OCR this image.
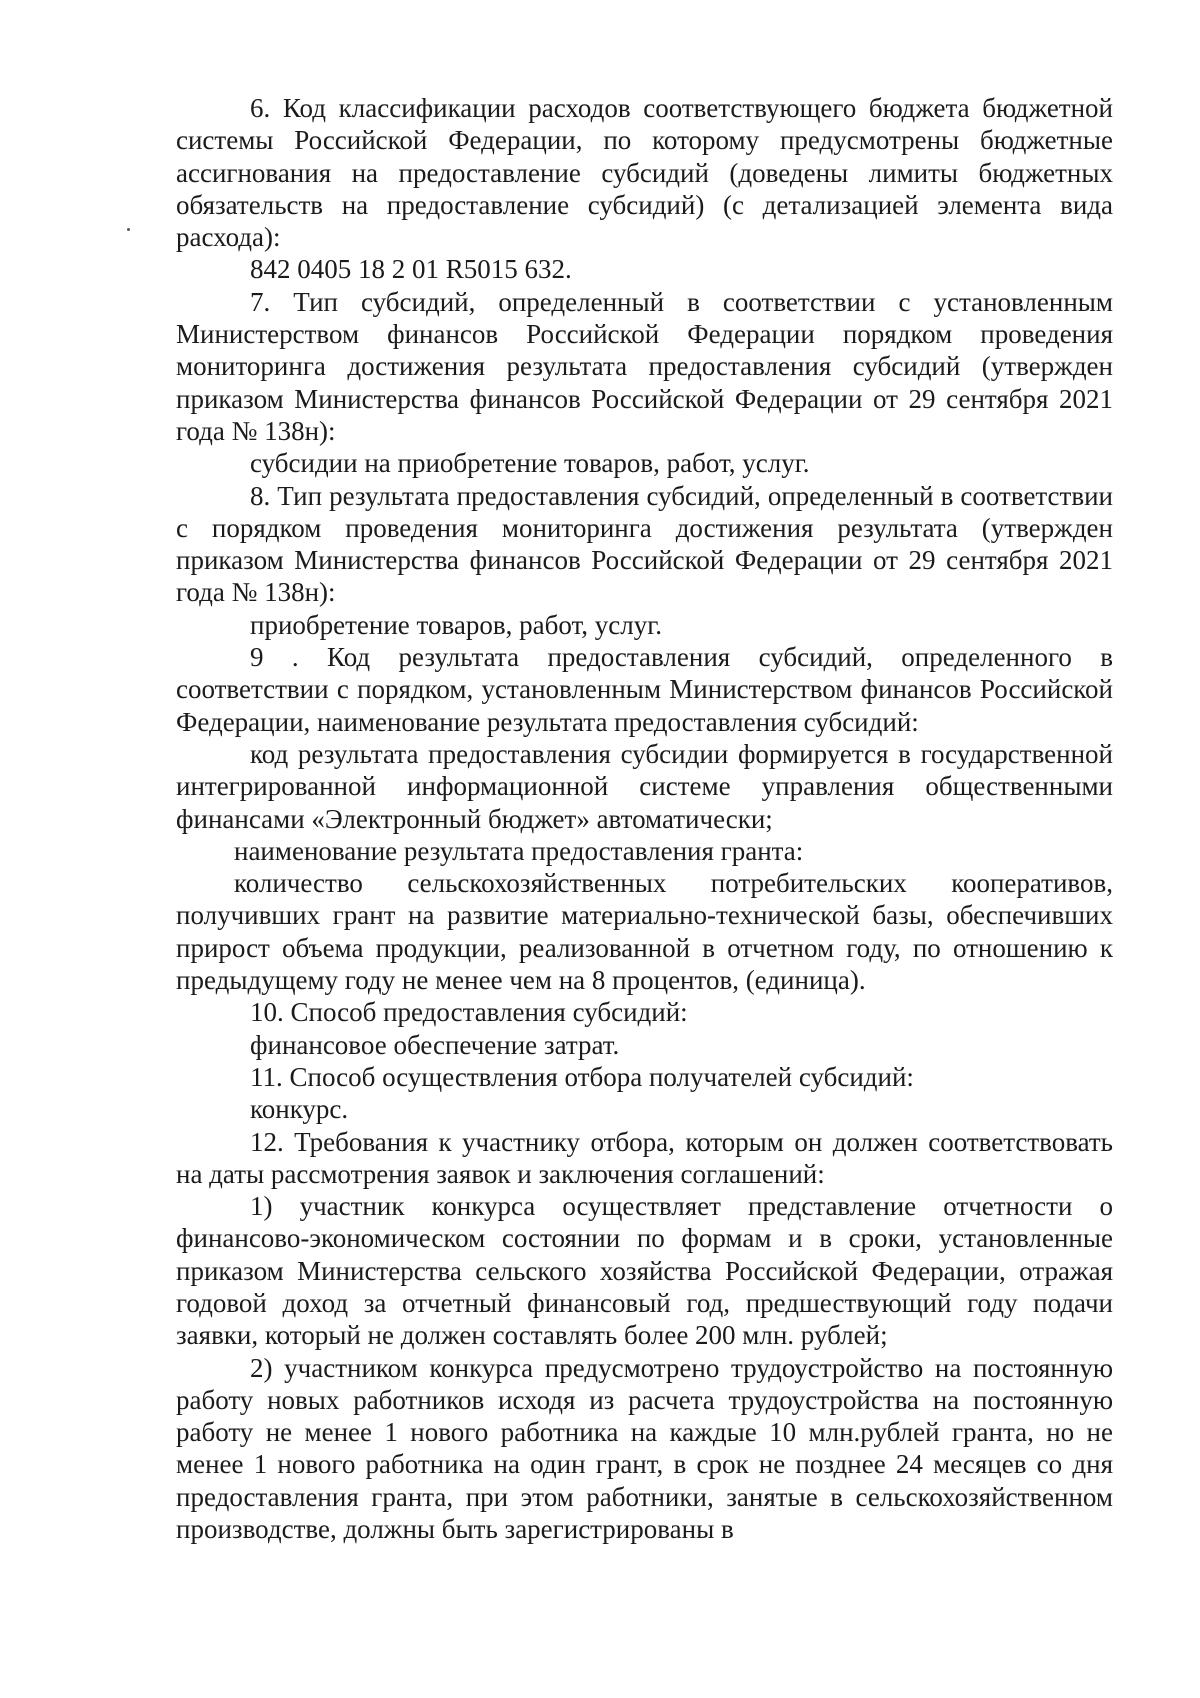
6. Код классификации расходов соответствующего бюджета бюджетной системы Российской Федерации, по которому предусмотрены бюджетные ассигнования на предоставление субсидий (доведены лимиты бюджетных обязательств на предоставление субсидий) (с детализацией элемента вида расхода):

842 0405 18 2 01 R5015 632.

7. Тип субсидий, определенный в соответствии с установленным Министерством финансов Российской Федерации порядком проведения мониторинга достижения результата предоставления субсидий (утвержден приказом Министерства финансов Российской Федерации от 29 сентября 2021 года № 138н):

субсидии на приобретение товаров, работ, услуг.

8. Тип результата предоставления субсидий, определенный в соответствии с порядком проведения мониторинга достижения результата (утвержден приказом Министерства финансов Российской Федерации от 29 сентября 2021 года № 138н):

приобретение товаров, работ, услуг.

9 . Код результата предоставления субсидий, определенного в соответствии с порядком, установленным Министерством финансов Российской Федерации, наименование результата предоставления субсидий:

код результата предоставления субсидии формируется в государственной интегрированной информационной системе управления общественными финансами «Электронный бюджет» автоматически;

наименование результата предоставления гранта:

количество сельскохозяйственных потребительских кооперативов, получивших грант на развитие материально-технической базы, обеспечивших прирост объема продукции, реализованной в отчетном году, по отношению к предыдущему году не менее чем на 8 процентов, (единица).

10. Способ предоставления субсидий:

финансовое обеспечение затрат.

11. Способ осуществления отбора получателей субсидий:

конкурс.

12. Требования к участнику отбора, которым он должен соответствовать на даты рассмотрения заявок и заключения соглашений:

1) участник конкурса осуществляет представление отчетности о финансово-экономическом состоянии по формам и в сроки, установленные приказом Министерства сельского хозяйства Российской Федерации, отражая годовой доход за отчетный финансовый год, предшествующий году подачи заявки, который не должен составлять более 200 млн. рублей;

2) участником конкурса предусмотрено трудоустройство на постоянную работу новых работников исходя из расчета трудоустройства на постоянную работу не менее 1 нового работника на каждые 10 млн.рублей гранта, но не менее 1 нового работника на один грант, в срок не позднее 24 месяцев со дня предоставления гранта, при этом работники, занятые в сельскохозяйственном производстве, должны быть зарегистрированы в
